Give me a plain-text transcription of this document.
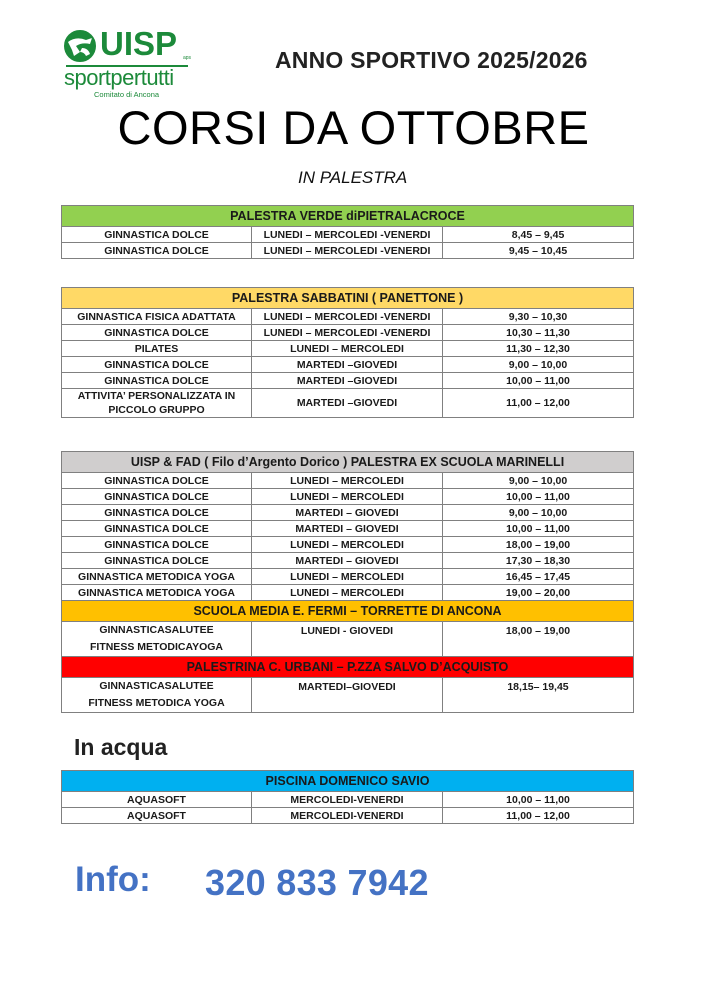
UISP aps
sportpertutti
Comitato di Ancona
ANNO SPORTIVO 2025/2026
CORSI DA OTTOBRE
IN PALESTRA
PALESTRA VERDE diPIETRALACROCE		
GINNASTICA DOLCE	LUNEDI – MERCOLEDI -VENERDI	8,45 – 9,45
GINNASTICA DOLCE	LUNEDI – MERCOLEDI -VENERDI	9,45 – 10,45
PALESTRA SABBATINI ( PANETTONE )		
GINNASTICA FISICA ADATTATA	LUNEDI – MERCOLEDI -VENERDI	9,30 – 10,30
GINNASTICA DOLCE	LUNEDI – MERCOLEDI -VENERDI	10,30 – 11,30
PILATES	LUNEDI – MERCOLEDI	11,30 – 12,30
GINNASTICA DOLCE	MARTEDI –GIOVEDI	9,00 – 10,00
GINNASTICA DOLCE	MARTEDI –GIOVEDI	10,00 – 11,00
ATTIVITA’ PERSONALIZZATA IN
PICCOLO GRUPPO	MARTEDI –GIOVEDI	11,00 – 12,00
UISP & FAD ( Filo d’Argento Dorico ) PALESTRA EX SCUOLA MARINELLI		
GINNASTICA DOLCE	LUNEDI – MERCOLEDI	9,00 – 10,00
GINNASTICA DOLCE	LUNEDI – MERCOLEDI	10,00 – 11,00
GINNASTICA DOLCE	MARTEDI – GIOVEDI	9,00 – 10,00
GINNASTICA DOLCE	MARTEDI – GIOVEDI	10,00 – 11,00
GINNASTICA DOLCE	LUNEDI – MERCOLEDI	18,00 – 19,00
GINNASTICA DOLCE	MARTEDI – GIOVEDI	17,30 – 18,30
GINNASTICA METODICA YOGA	LUNEDI – MERCOLEDI	16,45 – 17,45
GINNASTICA METODICA YOGA	LUNEDI – MERCOLEDI	19,00 – 20,00
SCUOLA MEDIA E. FERMI – TORRETTE DI ANCONA		
GINNASTICASALUTEE
FITNESS METODICAYOGA	LUNEDI - GIOVEDI	18,00 – 19,00
PALESTRINA C. URBANI – P.ZZA SALVO D’ACQUISTO		
GINNASTICASALUTEE
FITNESS METODICA YOGA	MARTEDI–GIOVEDI	18,15– 19,45
In acqua
PISCINA DOMENICO SAVIO		
AQUASOFT	MERCOLEDI-VENERDI	10,00 – 11,00
AQUASOFT	MERCOLEDI-VENERDI	11,00 – 12,00
Info: 320 833 7942
